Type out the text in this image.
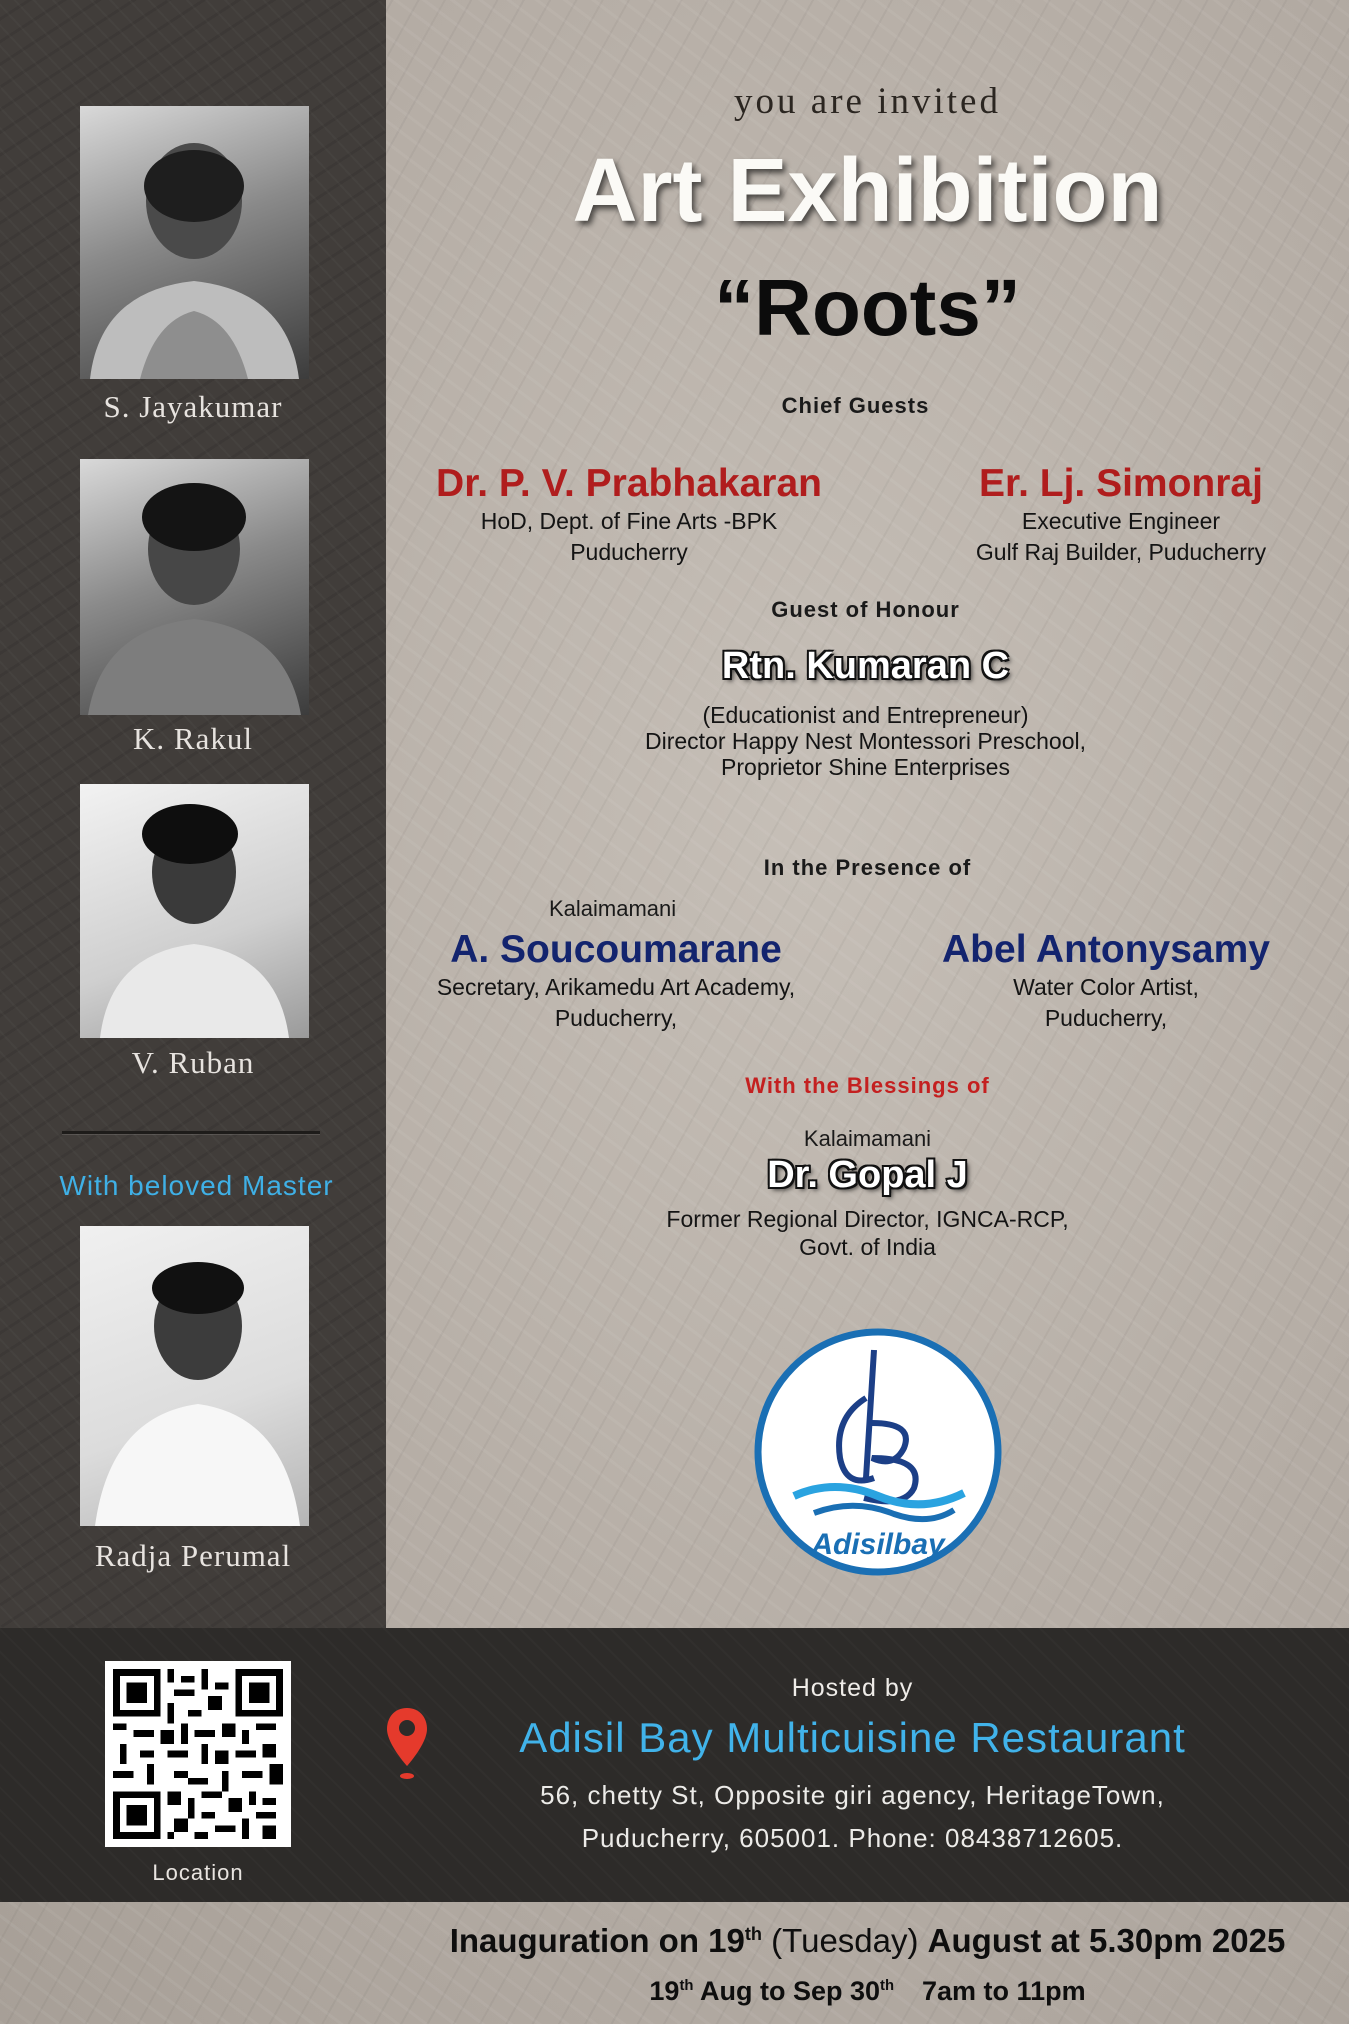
S. Jayakumar
K. Rakul
V. Ruban
With beloved Master
Radja Perumal
you are invited
Art Exhibition
“Roots”
Chief Guests
Dr. P. V. Prabhakaran
HoD, Dept. of Fine Arts -BPK
Puducherry
Er. Lj. Simonraj
Executive Engineer
Gulf Raj Builder, Puducherry
Guest of Honour
Rtn. Kumaran C
(Educationist and Entrepreneur)
Director Happy Nest Montessori Preschool,
Proprietor Shine Enterprises
In the Presence of
Kalaimamani
A. Soucoumarane
Secretary, Arikamedu Art Academy,
Puducherry,
Abel Antonysamy
Water Color Artist,
Puducherry,
With the Blessings of
Kalaimamani
Dr. Gopal J
Former Regional Director, IGNCA-RCP,
Govt. of India
Adisilbay
Location
Hosted by
Adisil Bay Multicuisine Restaurant
56, chetty St, Opposite giri agency, HeritageTown,
Puducherry, 605001. Phone: 08438712605.
Inauguration on 19th (Tuesday) August at 5.30pm 2025
19th Aug to Sep 30th 7am to 11pm
